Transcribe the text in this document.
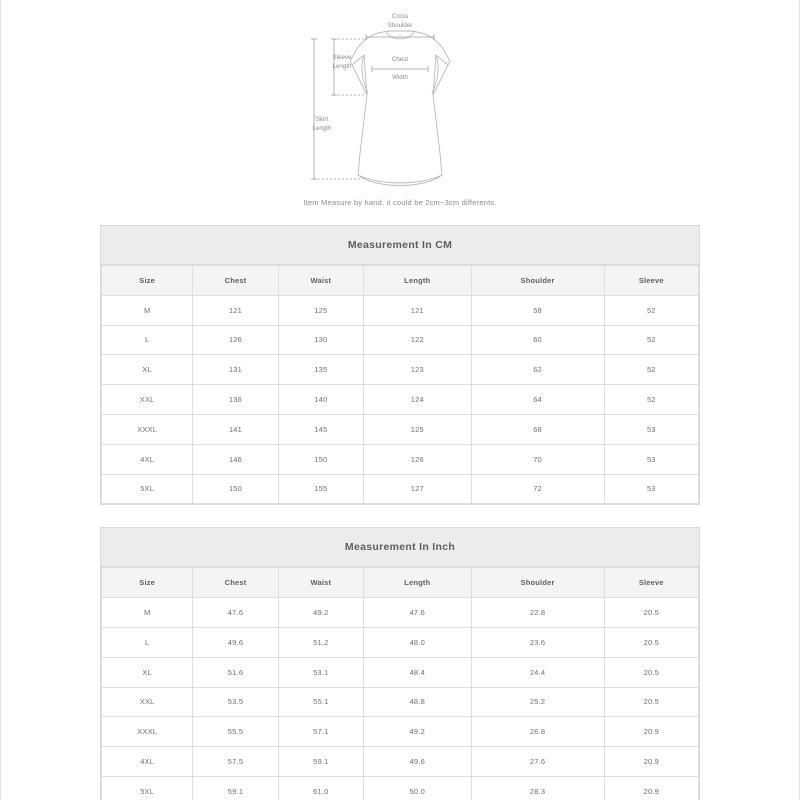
Cross
Shoulder
Sleeve
Length
Chest
Width
Skirt
Length
Item Measure by hand, it could be 2cm~3cm differents.
Measurement In CM
Size	Chest	Waist	Length	Shoulder	Sleeve
M	121	125	121	58	52
L	126	130	122	60	52
XL	131	135	123	62	52
XXL	136	140	124	64	52
XXXL	141	145	125	68	53
4XL	146	150	126	70	53
5XL	150	155	127	72	53
Measurement In Inch
Size	Chest	Waist	Length	Shoulder	Sleeve
M	47.6	49.2	47.6	22.8	20.5
L	49.6	51.2	48.0	23.6	20.5
XL	51.6	53.1	48.4	24.4	20.5
XXL	53.5	55.1	48.8	25.2	20.5
XXXL	55.5	57.1	49.2	26.8	20.9
4XL	57.5	59.1	49.6	27.6	20.9
5XL	59.1	61.0	50.0	28.3	20.9
